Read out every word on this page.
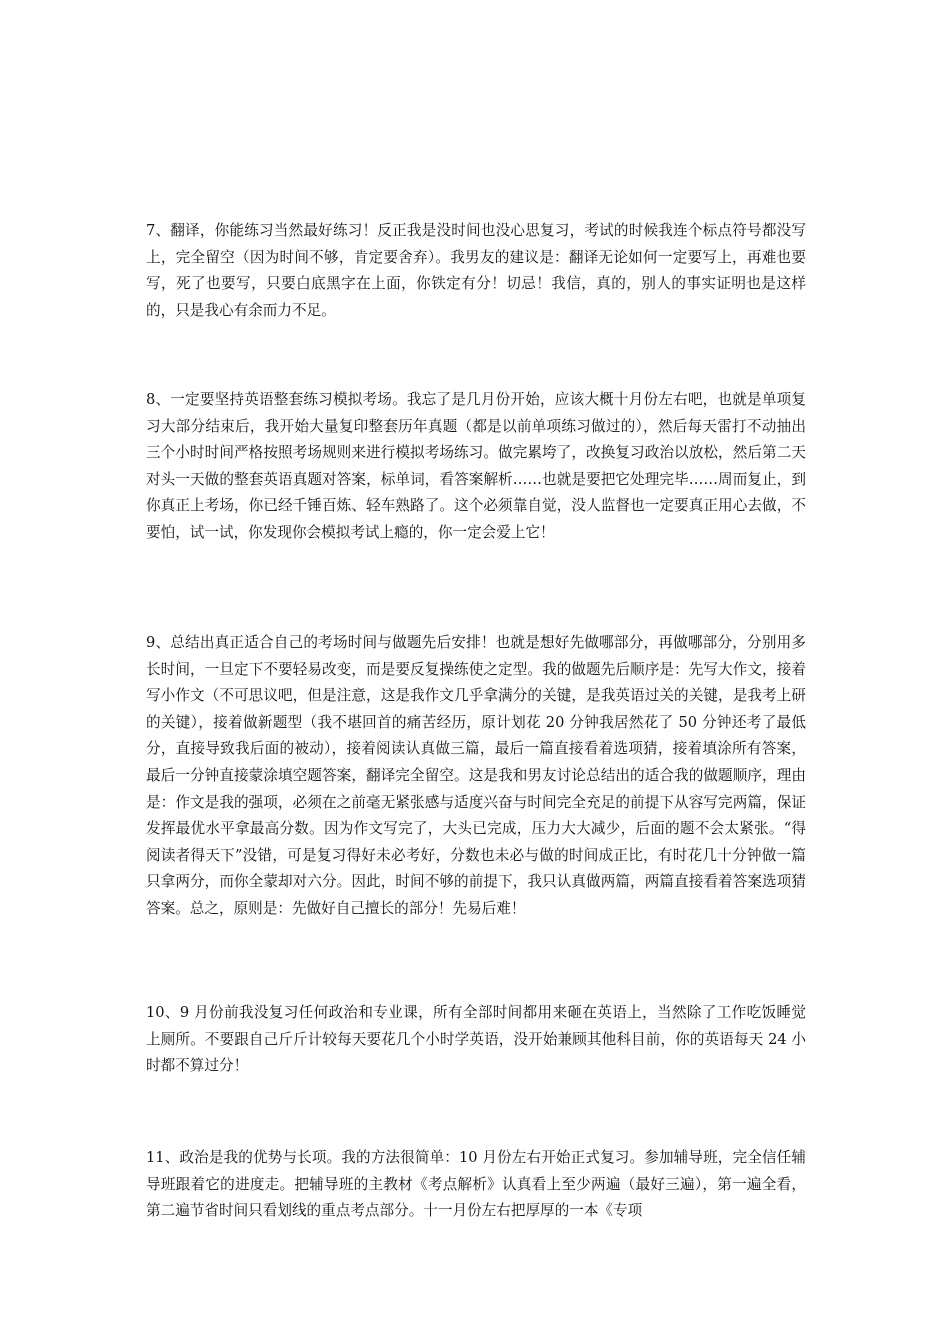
7、翻译，你能练习当然最好练习！反正我是没时间也没心思复习，考试的时候我连个标点符号都没写上，完全留空（因为时间不够，肯定要舍弃）。我男友的建议是：翻译无论如何一定要写上，再难也要写，死了也要写，只要白底黑字在上面，你铁定有分！切忌！我信，真的，别人的事实证明也是这样的，只是我心有余而力不足。

8、一定要坚持英语整套练习模拟考场。我忘了是几月份开始，应该大概十月份左右吧，也就是单项复习大部分结束后，我开始大量复印整套历年真题（都是以前单项练习做过的），然后每天雷打不动抽出三个小时时间严格按照考场规则来进行模拟考场练习。做完累垮了，改换复习政治以放松，然后第二天对头一天做的整套英语真题对答案，标单词，看答案解析……也就是要把它处理完毕……周而复止，到你真正上考场，你已经千锤百炼、轻车熟路了。这个必须靠自觉，没人监督也一定要真正用心去做，不要怕，试一试，你发现你会模拟考试上瘾的，你一定会爱上它！

9、总结出真正适合自己的考场时间与做题先后安排！也就是想好先做哪部分，再做哪部分，分别用多长时间，一旦定下不要轻易改变，而是要反复操练使之定型。我的做题先后顺序是：先写大作文，接着写小作文（不可思议吧，但是注意，这是我作文几乎拿满分的关键，是我英语过关的关键，是我考上研的关键），接着做新题型（我不堪回首的痛苦经历，原计划花 20 分钟我居然花了 50 分钟还考了最低分，直接导致我后面的被动），接着阅读认真做三篇，最后一篇直接看着选项猜，接着填涂所有答案，最后一分钟直接蒙涂填空题答案，翻译完全留空。这是我和男友讨论总结出的适合我的做题顺序，理由是：作文是我的强项，必须在之前毫无紧张感与适度兴奋与时间完全充足的前提下从容写完两篇，保证发挥最优水平拿最高分数。因为作文写完了，大头已完成，压力大大减少，后面的题不会太紧张。“得阅读者得天下”没错，可是复习得好未必考好，分数也未必与做的时间成正比，有时花几十分钟做一篇只拿两分，而你全蒙却对六分。因此，时间不够的前提下，我只认真做两篇，两篇直接看着答案选项猜答案。总之，原则是：先做好自己擅长的部分！先易后难！

10、9 月份前我没复习任何政治和专业课，所有全部时间都用来砸在英语上，当然除了工作吃饭睡觉上厕所。不要跟自己斤斤计较每天要花几个小时学英语，没开始兼顾其他科目前，你的英语每天 24 小时都不算过分！

11、政治是我的优势与长项。我的方法很简单：10 月份左右开始正式复习。参加辅导班，完全信任辅导班跟着它的进度走。把辅导班的主教材《考点解析》认真看上至少两遍（最好三遍），第一遍全看，第二遍节省时间只看划线的重点考点部分。十一月份左右把厚厚的一本《专项
